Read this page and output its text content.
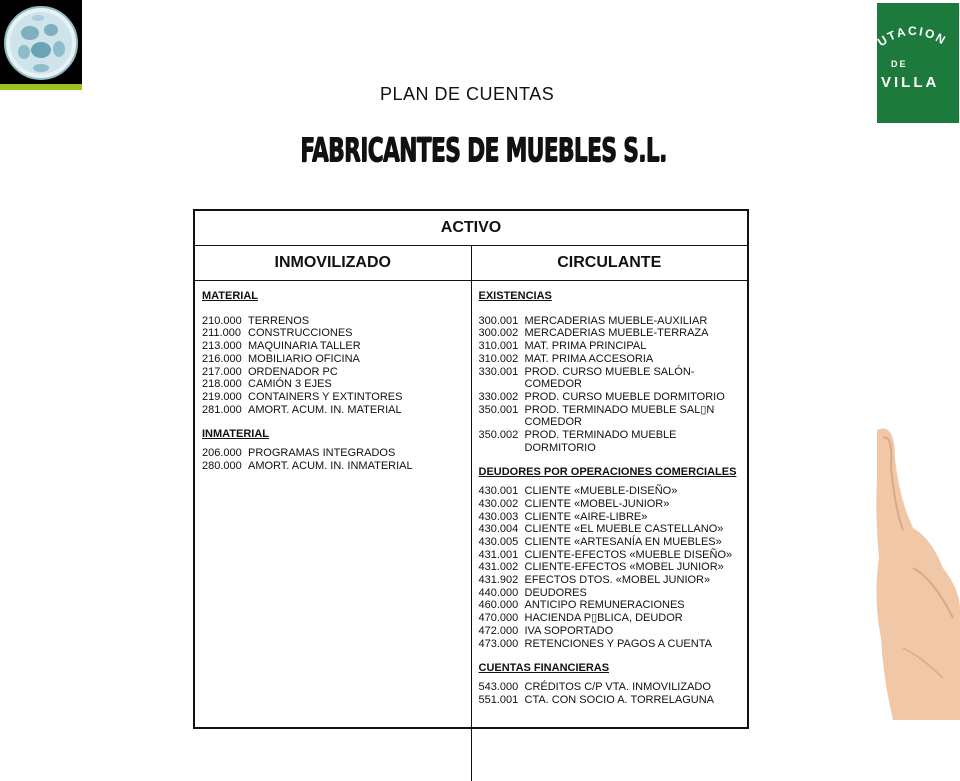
TACION
DE
VILLA
PLAN DE CUENTAS
FABRICANTES DE MUEBLES S.L.
ACTIVO
INMOVILIZADO	CIRCULANTE
MATERIAL
210.000 TERRENOS
211.000 CONSTRUCCIONES
213.000 MAQUINARIA TALLER
216.000 MOBILIARIO OFICINA
217.000 ORDENADOR PC
218.000 CAMIÓN 3 EJES
219.000 CONTAINERS Y EXTINTORES
281.000 AMORT. ACUM. IN. MATERIAL
INMATERIAL
206.000 PROGRAMAS INTEGRADOS
280.000 AMORT. ACUM. IN. INMATERIAL
EXISTENCIAS
300.001 MERCADERIAS MUEBLE-AUXILIAR
300.002 MERCADERIAS MUEBLE-TERRAZA
310.001 MAT. PRIMA PRINCIPAL
310.002 MAT. PRIMA ACCESORIA
330.001 PROD. CURSO MUEBLE SALÓN-COMEDOR
330.002 PROD. CURSO MUEBLE DORMITORIO
350.001 PROD. TERMINADO MUEBLE SAL▯N COMEDOR
350.002 PROD. TERMINADO MUEBLE DORMITORIO
DEUDORES POR OPERACIONES COMERCIALES
430.001 CLIENTE «MUEBLE-DISEÑO»
430.002 CLIENTE «MOBEL-JUNIOR»
430.003 CLIENTE «AIRE-LIBRE»
430.004 CLIENTE «EL MUEBLE CASTELLANO»
430.005 CLIENTE «ARTESANÍA EN MUEBLES»
431.001 CLIENTE-EFECTOS «MUEBLE DISEÑO»
431.002 CLIENTE-EFECTOS «MOBEL JUNIOR»
431.902 EFECTOS DTOS. «MOBEL JUNIOR»
440.000 DEUDORES
460.000 ANTICIPO REMUNERACIONES
470.000 HACIENDA P▯BLICA, DEUDOR
472.000 IVA SOPORTADO
473.000 RETENCIONES Y PAGOS A CUENTA
CUENTAS FINANCIERAS
543.000 CRÉDITOS C/P VTA. INMOVILIZADO
551.001 CTA. CON SOCIO A. TORRELAGUNA
